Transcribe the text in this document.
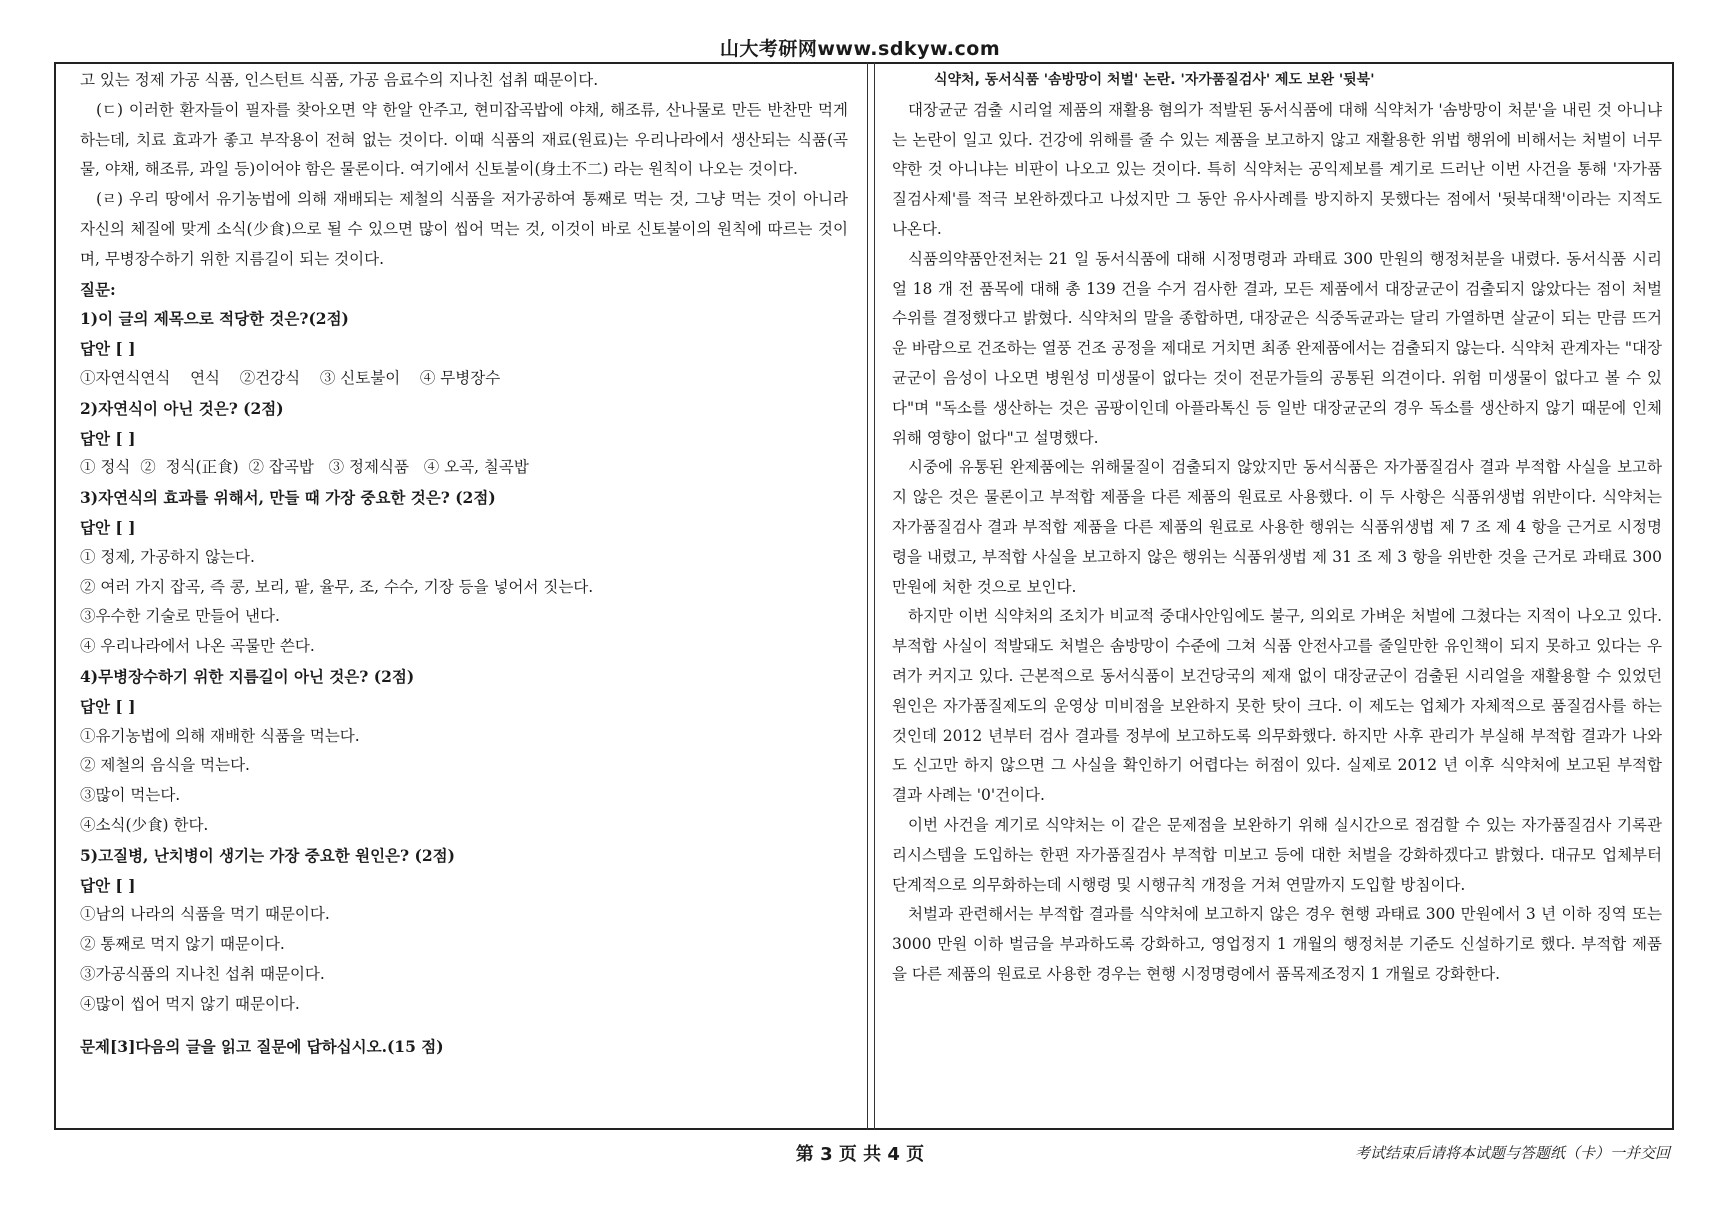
山大考研网www.sdkyw.com

고 있는 정제 가공 식품, 인스턴트 식품, 가공 음료수의 지나친 섭취 때문이다.

(ㄷ) 이러한 환자들이 필자를 찾아오면 약 한알 안주고, 현미잡곡밥에 야채, 해조류, 산나물로 만든 반찬만 먹게 하는데, 치료 효과가 좋고 부작용이 전혀 없는 것이다. 이때 식품의 재료(원료)는 우리나라에서 생산되는 식품(곡물, 야채, 해조류, 과일 등)이어야 함은 물론이다. 여기에서 신토불이(身土不二) 라는 원칙이 나오는 것이다.

(ㄹ) 우리 땅에서 유기농법에 의해 재배되는 제철의 식품을 저가공하여 통째로 먹는 것, 그냥 먹는 것이 아니라 자신의 체질에 맞게 소식(少食)으로 될 수 있으면 많이 씹어 먹는 것, 이것이 바로 신토불이의 원칙에 따르는 것이며, 무병장수하기 위한 지름길이 되는 것이다.

질문:

1)이 글의 제목으로 적당한 것은?(2점)

답안 [ ]

①자연식연식    연식    ②건강식    ③ 신토불이    ④ 무병장수

2)자연식이 아닌 것은? (2점)

답안 [ ]

① 정식  ②  정식(正食)  ② 잡곡밥   ③ 정제식품   ④ 오곡, 칠곡밥

3)자연식의 효과를 위해서, 만들 때 가장 중요한 것은? (2점)

답안 [ ]

① 정제, 가공하지 않는다.

② 여러 가지 잡곡, 즉 콩, 보리, 팥, 율무, 조, 수수, 기장 등을 넣어서 짓는다.

③우수한 기술로 만들어 낸다.

④ 우리나라에서 나온 곡물만 쓴다.

4)무병장수하기 위한 지름길이 아닌 것은? (2점)

답안 [ ]

①유기농법에 의해 재배한 식품을 먹는다.

② 제철의 음식을 먹는다.

③많이 먹는다.

④소식(少食) 한다.

5)고질병, 난치병이 생기는 가장 중요한 원인은? (2점)

답안 [ ]

①남의 나라의 식품을 먹기 때문이다.

② 통째로 먹지 않기 때문이다.

③가공식품의 지나친 섭취 때문이다.

④많이 씹어 먹지 않기 때문이다.

문제[3]다음의 글을 읽고 질문에 답하십시오.(15 점)

식약처, 동서식품 '솜방망이 처벌' 논란. '자가품질검사' 제도 보완 '뒷북'

대장균군 검출 시리얼 제품의 재활용 혐의가 적발된 동서식품에 대해 식약처가 '솜방망이 처분'을 내린 것 아니냐는 논란이 일고 있다. 건강에 위해를 줄 수 있는 제품을 보고하지 않고 재활용한 위법 행위에 비해서는 처벌이 너무 약한 것 아니냐는 비판이 나오고 있는 것이다. 특히 식약처는 공익제보를 계기로 드러난 이번 사건을 통해 '자가품질검사제'를 적극 보완하겠다고 나섰지만 그 동안 유사사례를 방지하지 못했다는 점에서 '뒷북대책'이라는 지적도 나온다.

식품의약품안전처는 21 일 동서식품에 대해 시정명령과 과태료 300 만원의 행정처분을 내렸다. 동서식품 시리얼 18 개 전 품목에 대해 총 139 건을 수거 검사한 결과, 모든 제품에서 대장균군이 검출되지 않았다는 점이 처벌 수위를 결정했다고 밝혔다. 식약처의 말을 종합하면, 대장균은 식중독균과는 달리 가열하면 살균이 되는 만큼 뜨거운 바람으로 건조하는 열풍 건조 공정을 제대로 거치면 최종 완제품에서는 검출되지 않는다. 식약처 관계자는 "대장균군이 음성이 나오면 병원성 미생물이 없다는 것이 전문가들의 공통된 의견이다. 위험 미생물이 없다고 볼 수 있다"며 "독소를 생산하는 것은 곰팡이인데 아플라톡신 등 일반 대장균군의 경우 독소를 생산하지 않기 때문에 인체위해 영향이 없다"고 설명했다.

시중에 유통된 완제품에는 위해물질이 검출되지 않았지만 동서식품은 자가품질검사 결과 부적합 사실을 보고하지 않은 것은 물론이고 부적합 제품을 다른 제품의 원료로 사용했다. 이 두 사항은 식품위생법 위반이다. 식약처는 자가품질검사 결과 부적합 제품을 다른 제품의 원료로 사용한 행위는 식품위생법 제 7 조 제 4 항을 근거로 시정명령을 내렸고, 부적합 사실을 보고하지 않은 행위는 식품위생법 제 31 조 제 3 항을 위반한 것을 근거로 과태료 300 만원에 처한 것으로 보인다.

하지만 이번 식약처의 조치가 비교적 중대사안임에도 불구, 의외로 가벼운 처벌에 그쳤다는 지적이 나오고 있다. 부적합 사실이 적발돼도 처벌은 솜방망이 수준에 그쳐 식품 안전사고를 줄일만한 유인책이 되지 못하고 있다는 우려가 커지고 있다. 근본적으로 동서식품이 보건당국의 제재 없이 대장균군이 검출된 시리얼을 재활용할 수 있었던 원인은 자가품질제도의 운영상 미비점을 보완하지 못한 탓이 크다. 이 제도는 업체가 자체적으로 품질검사를 하는 것인데 2012 년부터 검사 결과를 정부에 보고하도록 의무화했다. 하지만 사후 관리가 부실해 부적합 결과가 나와도 신고만 하지 않으면 그 사실을 확인하기 어렵다는 허점이 있다. 실제로 2012 년 이후 식약처에 보고된 부적합 결과 사례는 '0'건이다.

이번 사건을 계기로 식약처는 이 같은 문제점을 보완하기 위해 실시간으로 점검할 수 있는 자가품질검사 기록관리시스템을 도입하는 한편 자가품질검사 부적합 미보고 등에 대한 처벌을 강화하겠다고 밝혔다. 대규모 업체부터 단계적으로 의무화하는데 시행령 및 시행규칙 개정을 거쳐 연말까지 도입할 방침이다.

처벌과 관련해서는 부적합 결과를 식약처에 보고하지 않은 경우 현행 과태료 300 만원에서 3 년 이하 징역 또는 3000 만원 이하 벌금을 부과하도록 강화하고, 영업정지 1 개월의 행정처분 기준도 신설하기로 했다. 부적합 제품을 다른 제품의 원료로 사용한 경우는 현행 시정명령에서 품목제조정지 1 개월로 강화한다.

第 3 页 共 4 页	考试结束后请将本试题与答题纸（卡）一并交回
